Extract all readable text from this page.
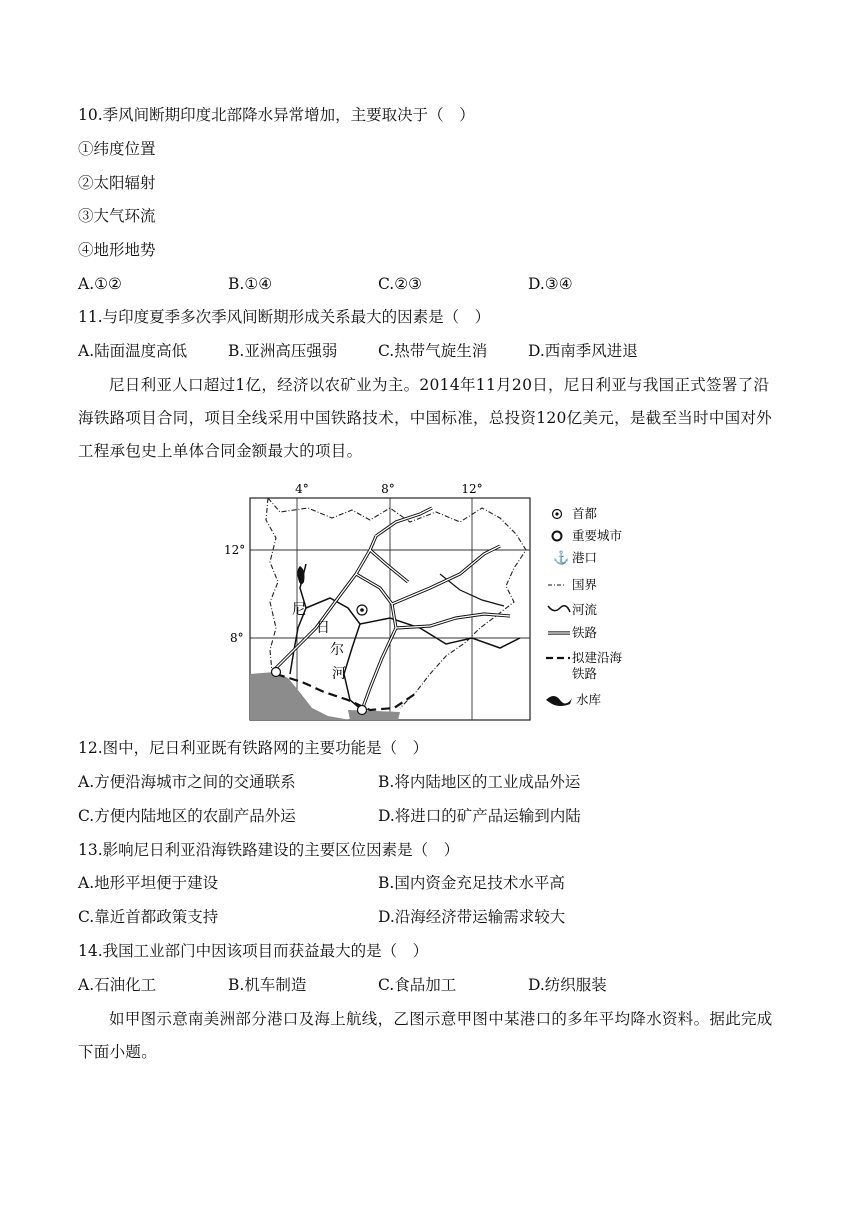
10.季风间断期印度北部降水异常增加，主要取决于（　）
①纬度位置
②太阳辐射
③大气环流
④地形地势
A.①②	B.①④	C.②③	D.③④
11.与印度夏季多次季风间断期形成关系最大的因素是（　）
A.陆面温度高低	B.亚洲高压强弱	C.热带气旋生消	D.西南季风进退
尼日利亚人口超过1亿，经济以农矿业为主。2014年11月20日，尼日利亚与我国正式签署了沿海铁路项目合同，项目全线采用中国铁路技术，中国标准，总投资120亿美元，是截至当时中国对外工程承包史上单体合同金额最大的项目。
4°	8°	12°
12°
8°
尼
日
尔
河
首都
重要城市
⚓ 港口
国界
河流
铁路
拟建沿海
铁路
水库
12.图中，尼日利亚既有铁路网的主要功能是（　）
A.方便沿海城市之间的交通联系	B.将内陆地区的工业成品外运
C.方便内陆地区的农副产品外运	D.将进口的矿产品运输到内陆
13.影响尼日利亚沿海铁路建设的主要区位因素是（　）
A.地形平坦便于建设	B.国内资金充足技术水平高
C.靠近首都政策支持	D.沿海经济带运输需求较大
14.我国工业部门中因该项目而获益最大的是（　）
A.石油化工	B.机车制造	C.食品加工	D.纺织服装
如甲图示意南美洲部分港口及海上航线，乙图示意甲图中某港口的多年平均降水资料。据此完成下面小题。
